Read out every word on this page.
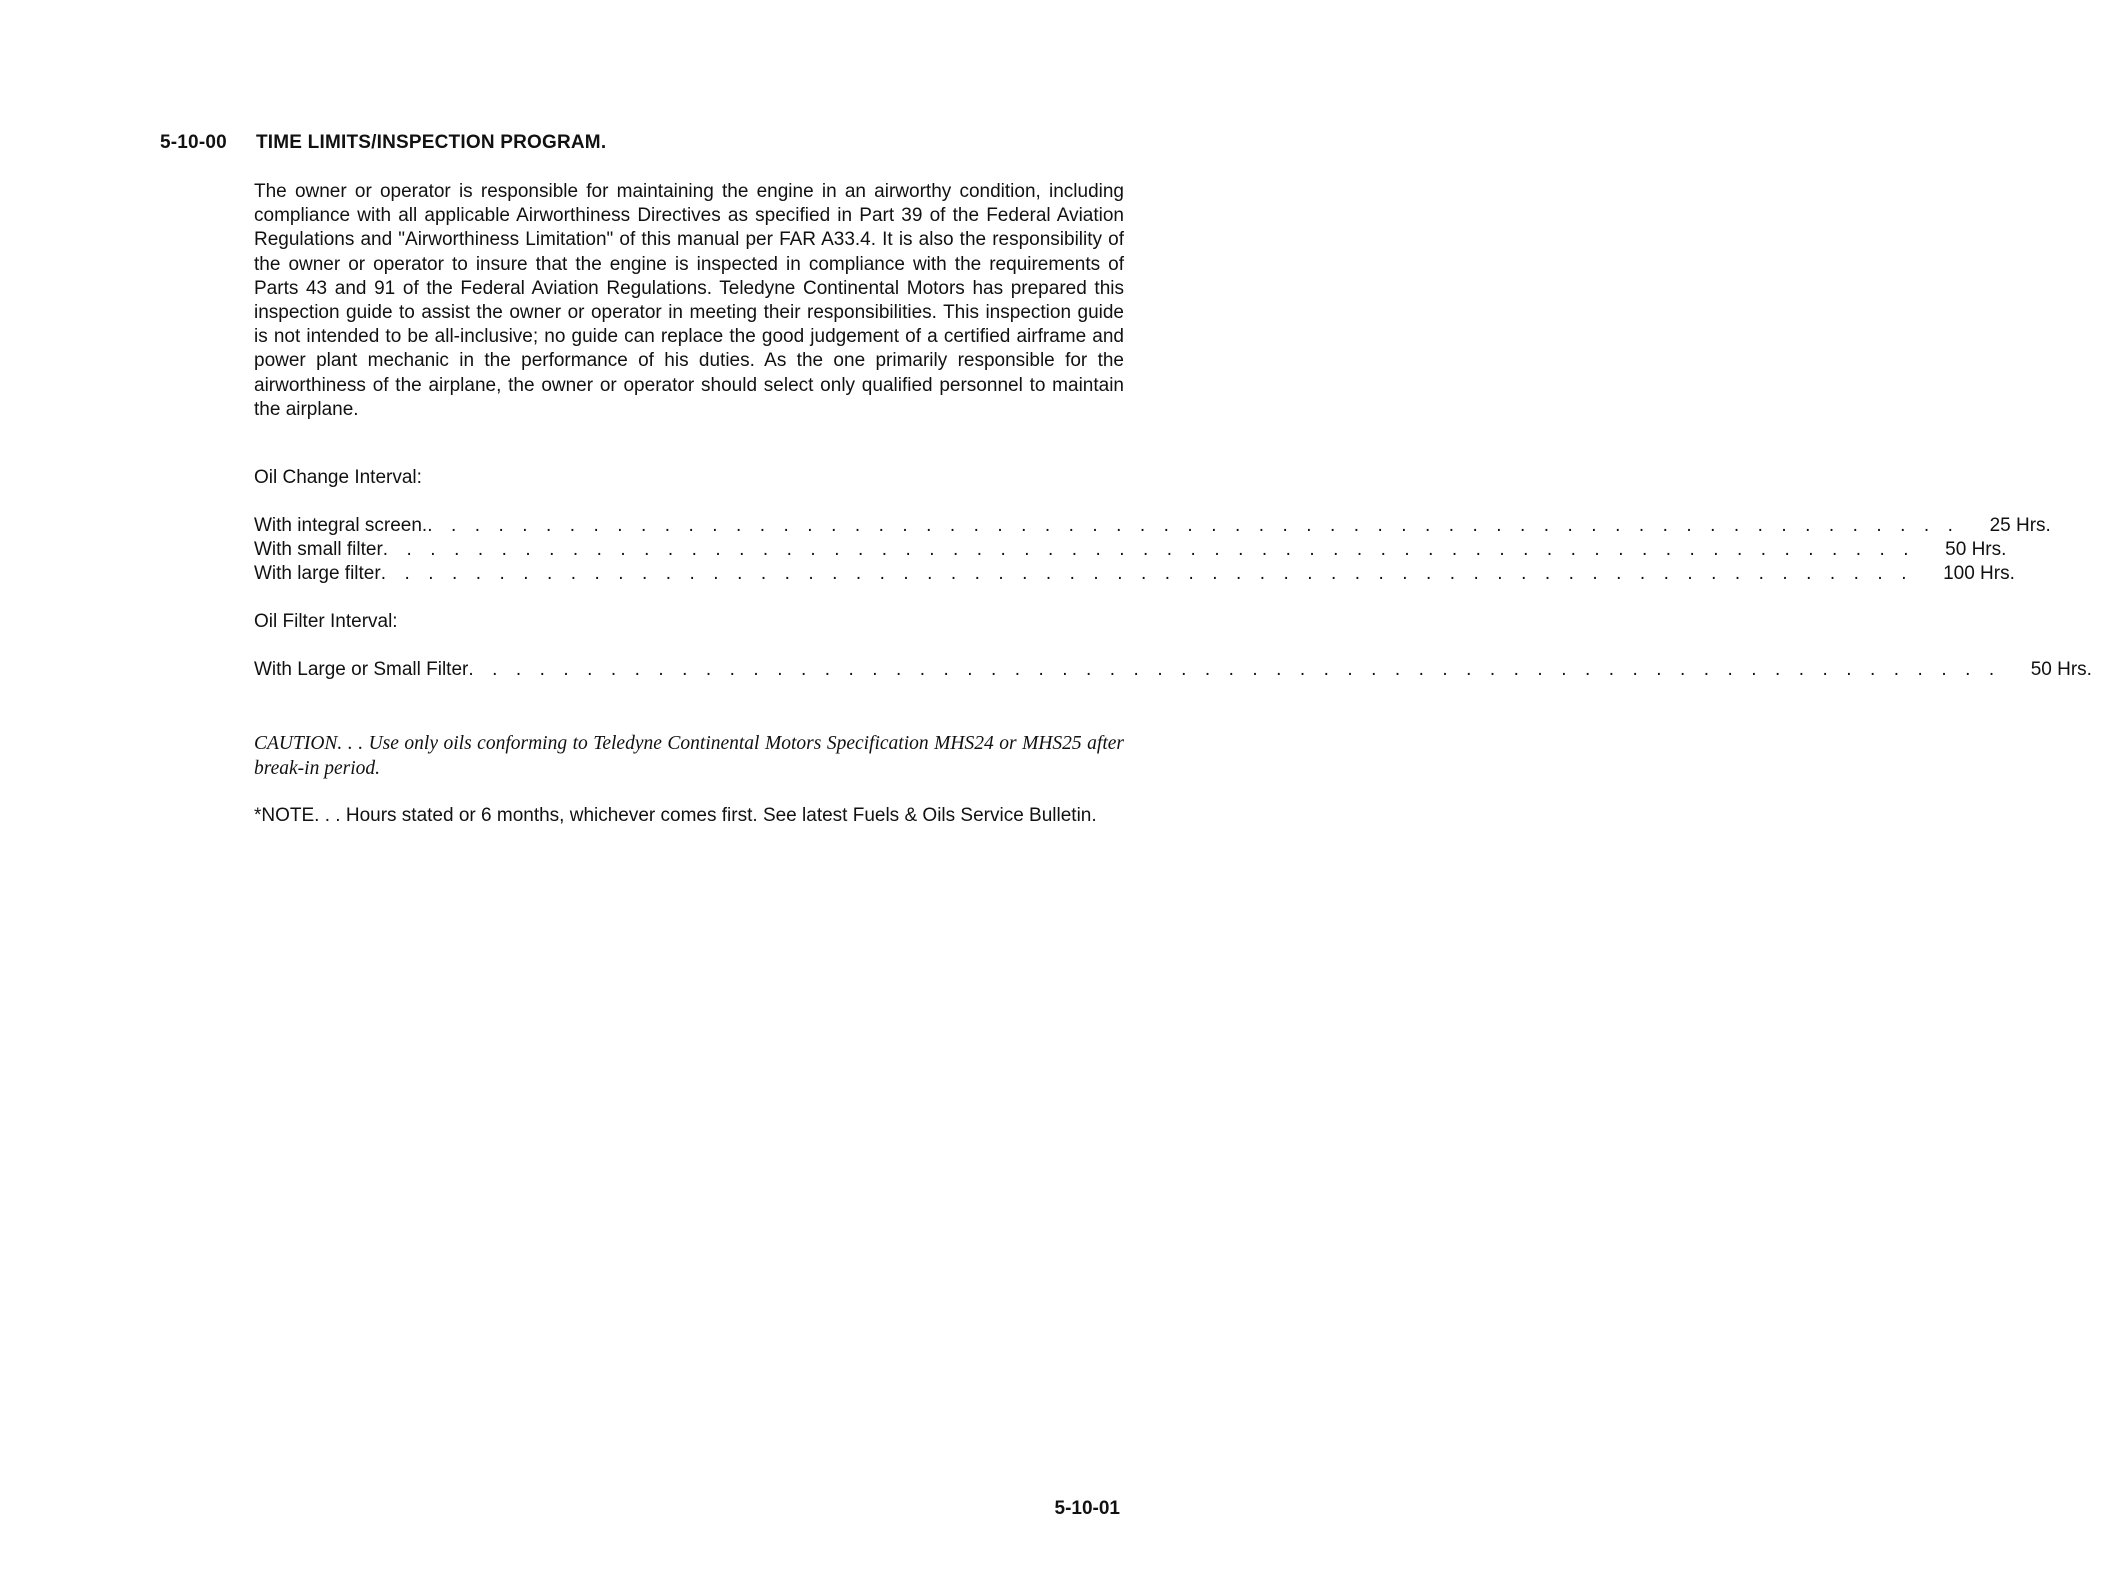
5-10-00 TIME LIMITS/INSPECTION PROGRAM.

The owner or operator is responsible for maintaining the engine in an airworthy condition, including compliance with all applicable Airworthiness Directives as specified in Part 39 of the Federal Aviation Regulations and "Airworthiness Limitation" of this manual per FAR A33.4. It is also the responsibility of the owner or operator to insure that the engine is inspected in compliance with the requirements of Parts 43 and 91 of the Federal Aviation Regulations. Teledyne Continental Motors has prepared this inspection guide to assist the owner or operator in meeting their responsibilities. This inspection guide is not intended to be all-inclusive; no guide can replace the good judgement of a certified airframe and power plant mechanic in the performance of his duties. As the one primarily responsible for the airworthiness of the airplane, the owner or operator should select only qualified personnel to maintain the airplane.

Oil Change Interval:
With integral screen. . . . . . . . . . . . . . . . . . . . . . . . . . . . . . . . . . . . . . . . . . . . . . . . . . . . . . . . . . . . . . . . . . 25 Hrs.
With small filter . . . . . . . . . . . . . . . . . . . . . . . . . . . . . . . . . . . . . . . . . . . . . . . . . . . . . . . . . . . . . . . . . 50 Hrs.
With large filter . . . . . . . . . . . . . . . . . . . . . . . . . . . . . . . . . . . . . . . . . . . . . . . . . . . . . . . . . . . . . . . . . 100 Hrs.
Oil Filter Interval:
With Large or Small Filter . . . . . . . . . . . . . . . . . . . . . . . . . . . . . . . . . . . . . . . . . . . . . . . . . . . . . . . . . . . . . . . . . 50 Hrs.

CAUTION. . . Use only oils conforming to Teledyne Continental Motors Specification MHS24 or MHS25 after break-in period.

*NOTE. . . Hours stated or 6 months, whichever comes first. See latest Fuels & Oils Service Bulletin.

5-10-01
